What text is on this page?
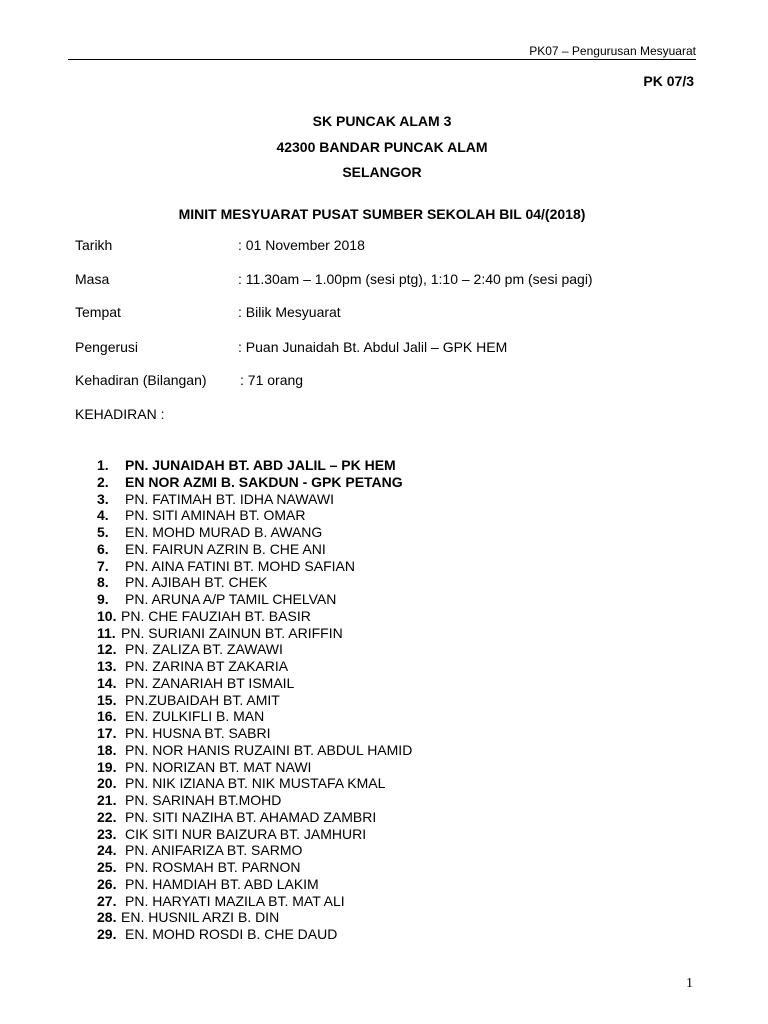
PK07 – Pengurusan Mesyuarat
PK 07/3
SK PUNCAK ALAM 3
42300 BANDAR PUNCAK ALAM
SELANGOR
MINIT MESYUARAT PUSAT SUMBER SEKOLAH BIL 04/(2018)
Tarikh	: 01 November 2018
Masa	: 11.30am – 1.00pm (sesi ptg), 1:10 – 2:40 pm (sesi pagi)
Tempat	: Bilik Mesyuarat
Pengerusi	: Puan Junaidah Bt. Abdul Jalil – GPK HEM
Kehadiran (Bilangan) : 71 orang
KEHADIRAN :
1. PN. JUNAIDAH BT. ABD JALIL – PK HEM
2. EN NOR AZMI B. SAKDUN - GPK PETANG
3. PN. FATIMAH BT. IDHA NAWAWI
4. PN. SITI AMINAH BT. OMAR
5. EN. MOHD MURAD B. AWANG
6. EN. FAIRUN AZRIN B. CHE ANI
7. PN. AINA FATINI BT. MOHD SAFIAN
8. PN. AJIBAH BT. CHEK
9. PN. ARUNA A/P TAMIL CHELVAN
10. PN. CHE FAUZIAH BT. BASIR
11. PN. SURIANI ZAINUN BT. ARIFFIN
12. PN. ZALIZA BT. ZAWAWI
13. PN. ZARINA BT ZAKARIA
14. PN. ZANARIAH BT ISMAIL
15. PN.ZUBAIDAH BT. AMIT
16. EN. ZULKIFLI B. MAN
17. PN. HUSNA BT. SABRI
18. PN. NOR HANIS RUZAINI BT. ABDUL HAMID
19. PN. NORIZAN BT. MAT NAWI
20. PN. NIK IZIANA BT. NIK MUSTAFA KMAL
21. PN. SARINAH BT.MOHD
22. PN. SITI NAZIHA BT. AHAMAD ZAMBRI
23. CIK SITI NUR BAIZURA BT. JAMHURI
24. PN. ANIFARIZA BT. SARMO
25. PN. ROSMAH BT. PARNON
26. PN. HAMDIAH BT. ABD LAKIM
27. PN. HARYATI MAZILA BT. MAT ALI
28. EN. HUSNIL ARZI B. DIN
29. EN. MOHD ROSDI B. CHE DAUD
1
